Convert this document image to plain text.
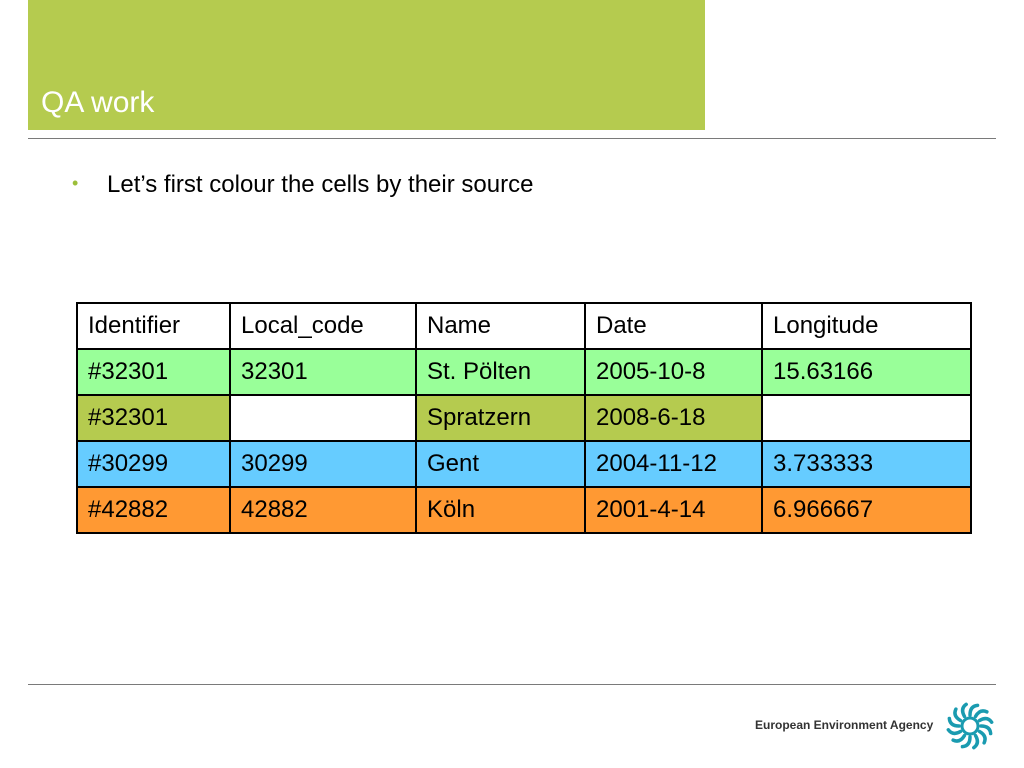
QA work
• Let’s first colour the cells by their source
Identifier	Local_code	Name	Date	Longitude
#32301	32301	St. Pölten	2005-10-8	15.63166
#32301		Spratzern	2008-6-18	
#30299	30299	Gent	2004-11-12	3.733333
#42882	42882	Köln	2001-4-14	6.966667
European Environment Agency
